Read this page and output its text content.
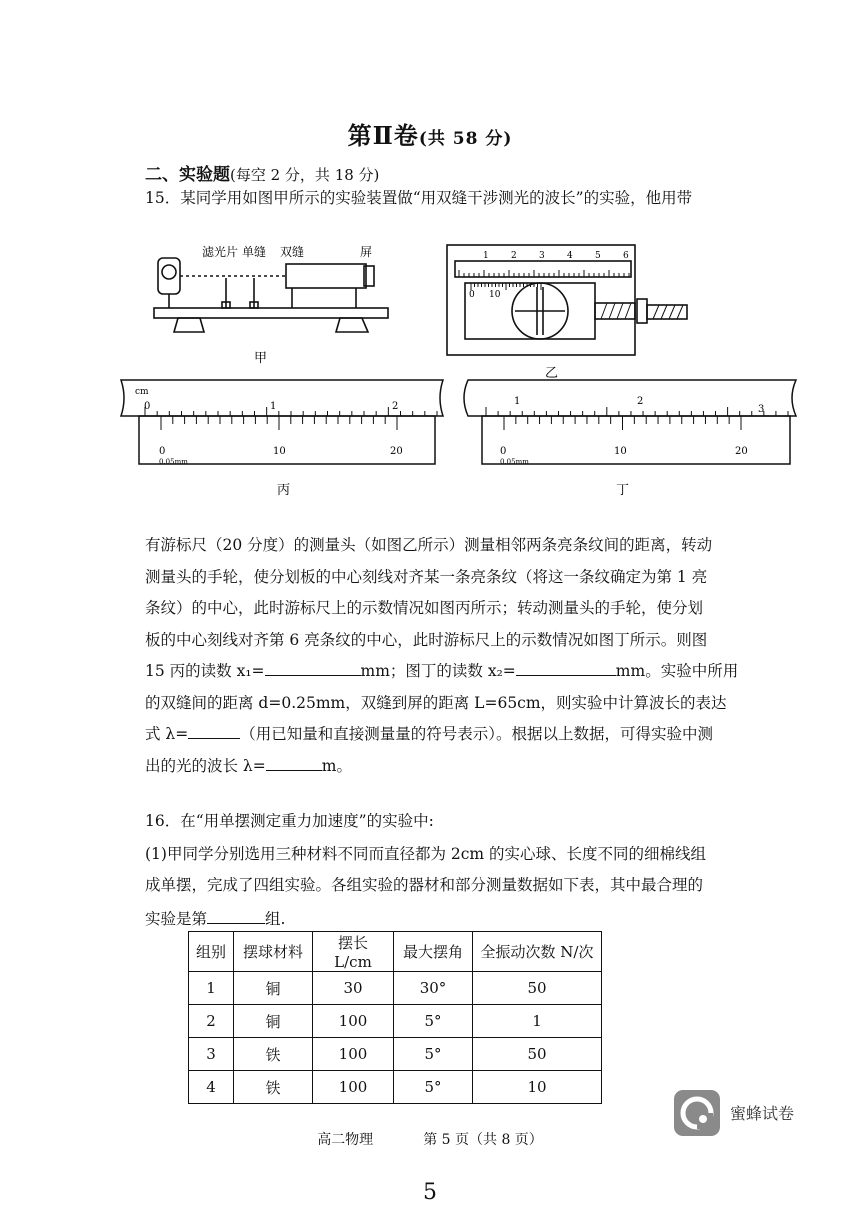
第Ⅱ卷(共 58 分)
二、实验题(每空 2 分，共 18 分)
15．某同学用如图甲所示的实验装置做“用双缝干涉测光的波长”的实验，他用带
滤光片 单缝 双缝	屏
甲
1 2 3 4 5 6
0 10
乙
cm
0	1	2
0	10	20
0.05mm
丙
1	2
3
0	10	20
0.05mm
丁
有游标尺（20 分度）的测量头（如图乙所示）测量相邻两条亮条纹间的距离，转动
测量头的手轮，使分划板的中心刻线对齐某一条亮条纹（将这一条纹确定为第 1 亮
条纹）的中心，此时游标尺上的示数情况如图丙所示；转动测量头的手轮，使分划
板的中心刻线对齐第 6 亮条纹的中心，此时游标尺上的示数情况如图丁所示。则图
15 丙的读数 x₁=	mm；图丁的读数 x₂=	mm。实验中所用
的双缝间的距离 d=0.25mm，双缝到屏的距离 L=65cm，则实验中计算波长的表达
式 λ=	（用已知量和直接测量量的符号表示）。根据以上数据，可得实验中测
出的光的波长 λ=	m。
16．在“用单摆测定重力加速度”的实验中:
(1)甲同学分别选用三种材料不同而直径都为 2cm 的实心球、长度不同的细棉线组
成单摆，完成了四组实验。各组实验的器材和部分测量数据如下表，其中最合理的
实验是第	组.
组别	摆球材料	摆长 L/cm	最大摆角	全振动次数 N/次
1	铜	30	30°	50
2	铜	100	5°	1
3	铁	100	5°	50
4	铁	100	5°	10
蜜蜂试卷
高二物理	第 5 页（共 8 页）
5
